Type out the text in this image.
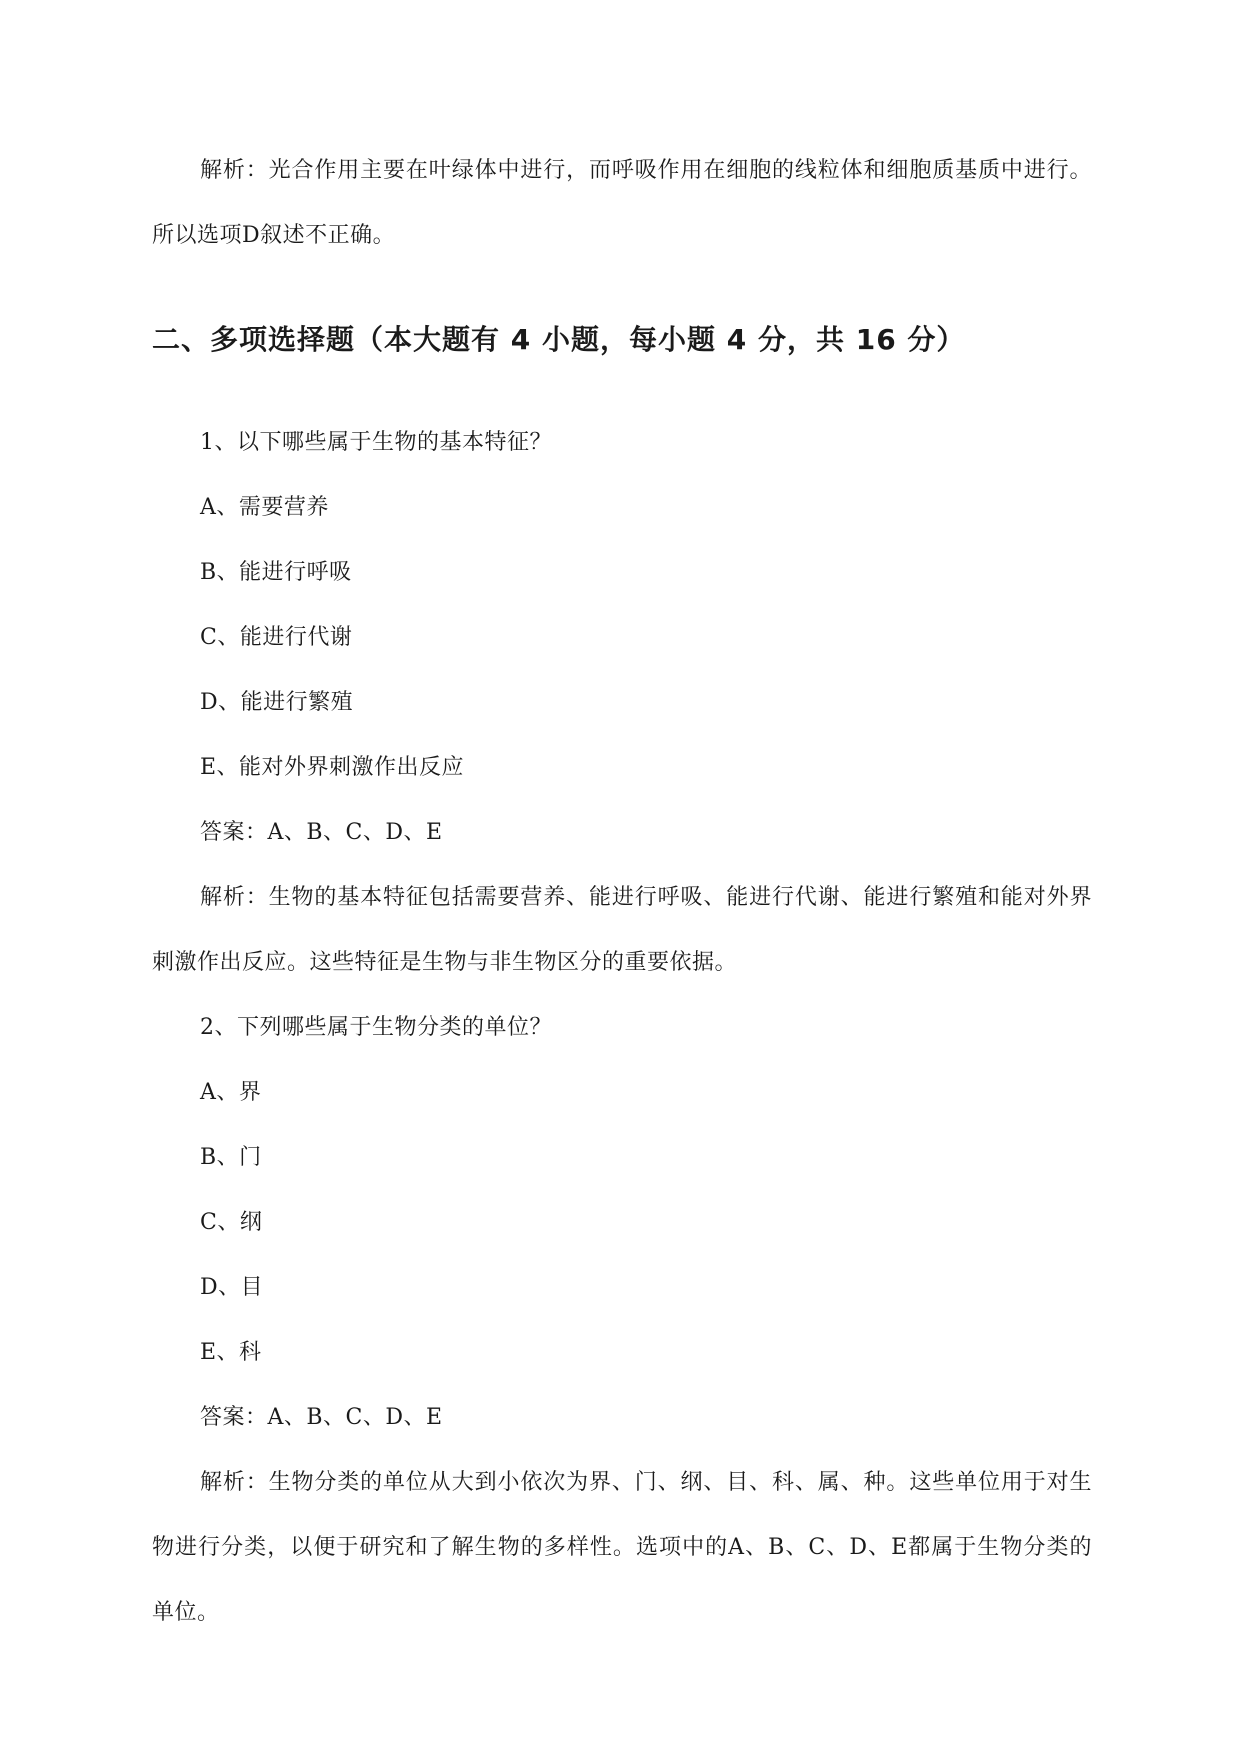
解析：光合作用主要在叶绿体中进行，而呼吸作用在细胞的线粒体和细胞质基质中进行。所以选项D叙述不正确。

二、多项选择题（本大题有 4 小题，每小题 4 分，共 16 分）

1、以下哪些属于生物的基本特征？

A、需要营养

B、能进行呼吸

C、能进行代谢

D、能进行繁殖

E、能对外界刺激作出反应

答案：A、B、C、D、E

解析：生物的基本特征包括需要营养、能进行呼吸、能进行代谢、能进行繁殖和能对外界刺激作出反应。这些特征是生物与非生物区分的重要依据。

2、下列哪些属于生物分类的单位？

A、界

B、门

C、纲

D、目

E、科

答案：A、B、C、D、E

解析：生物分类的单位从大到小依次为界、门、纲、目、科、属、种。这些单位用于对生物进行分类，以便于研究和了解生物的多样性。选项中的A、B、C、D、E都属于生物分类的单位。
